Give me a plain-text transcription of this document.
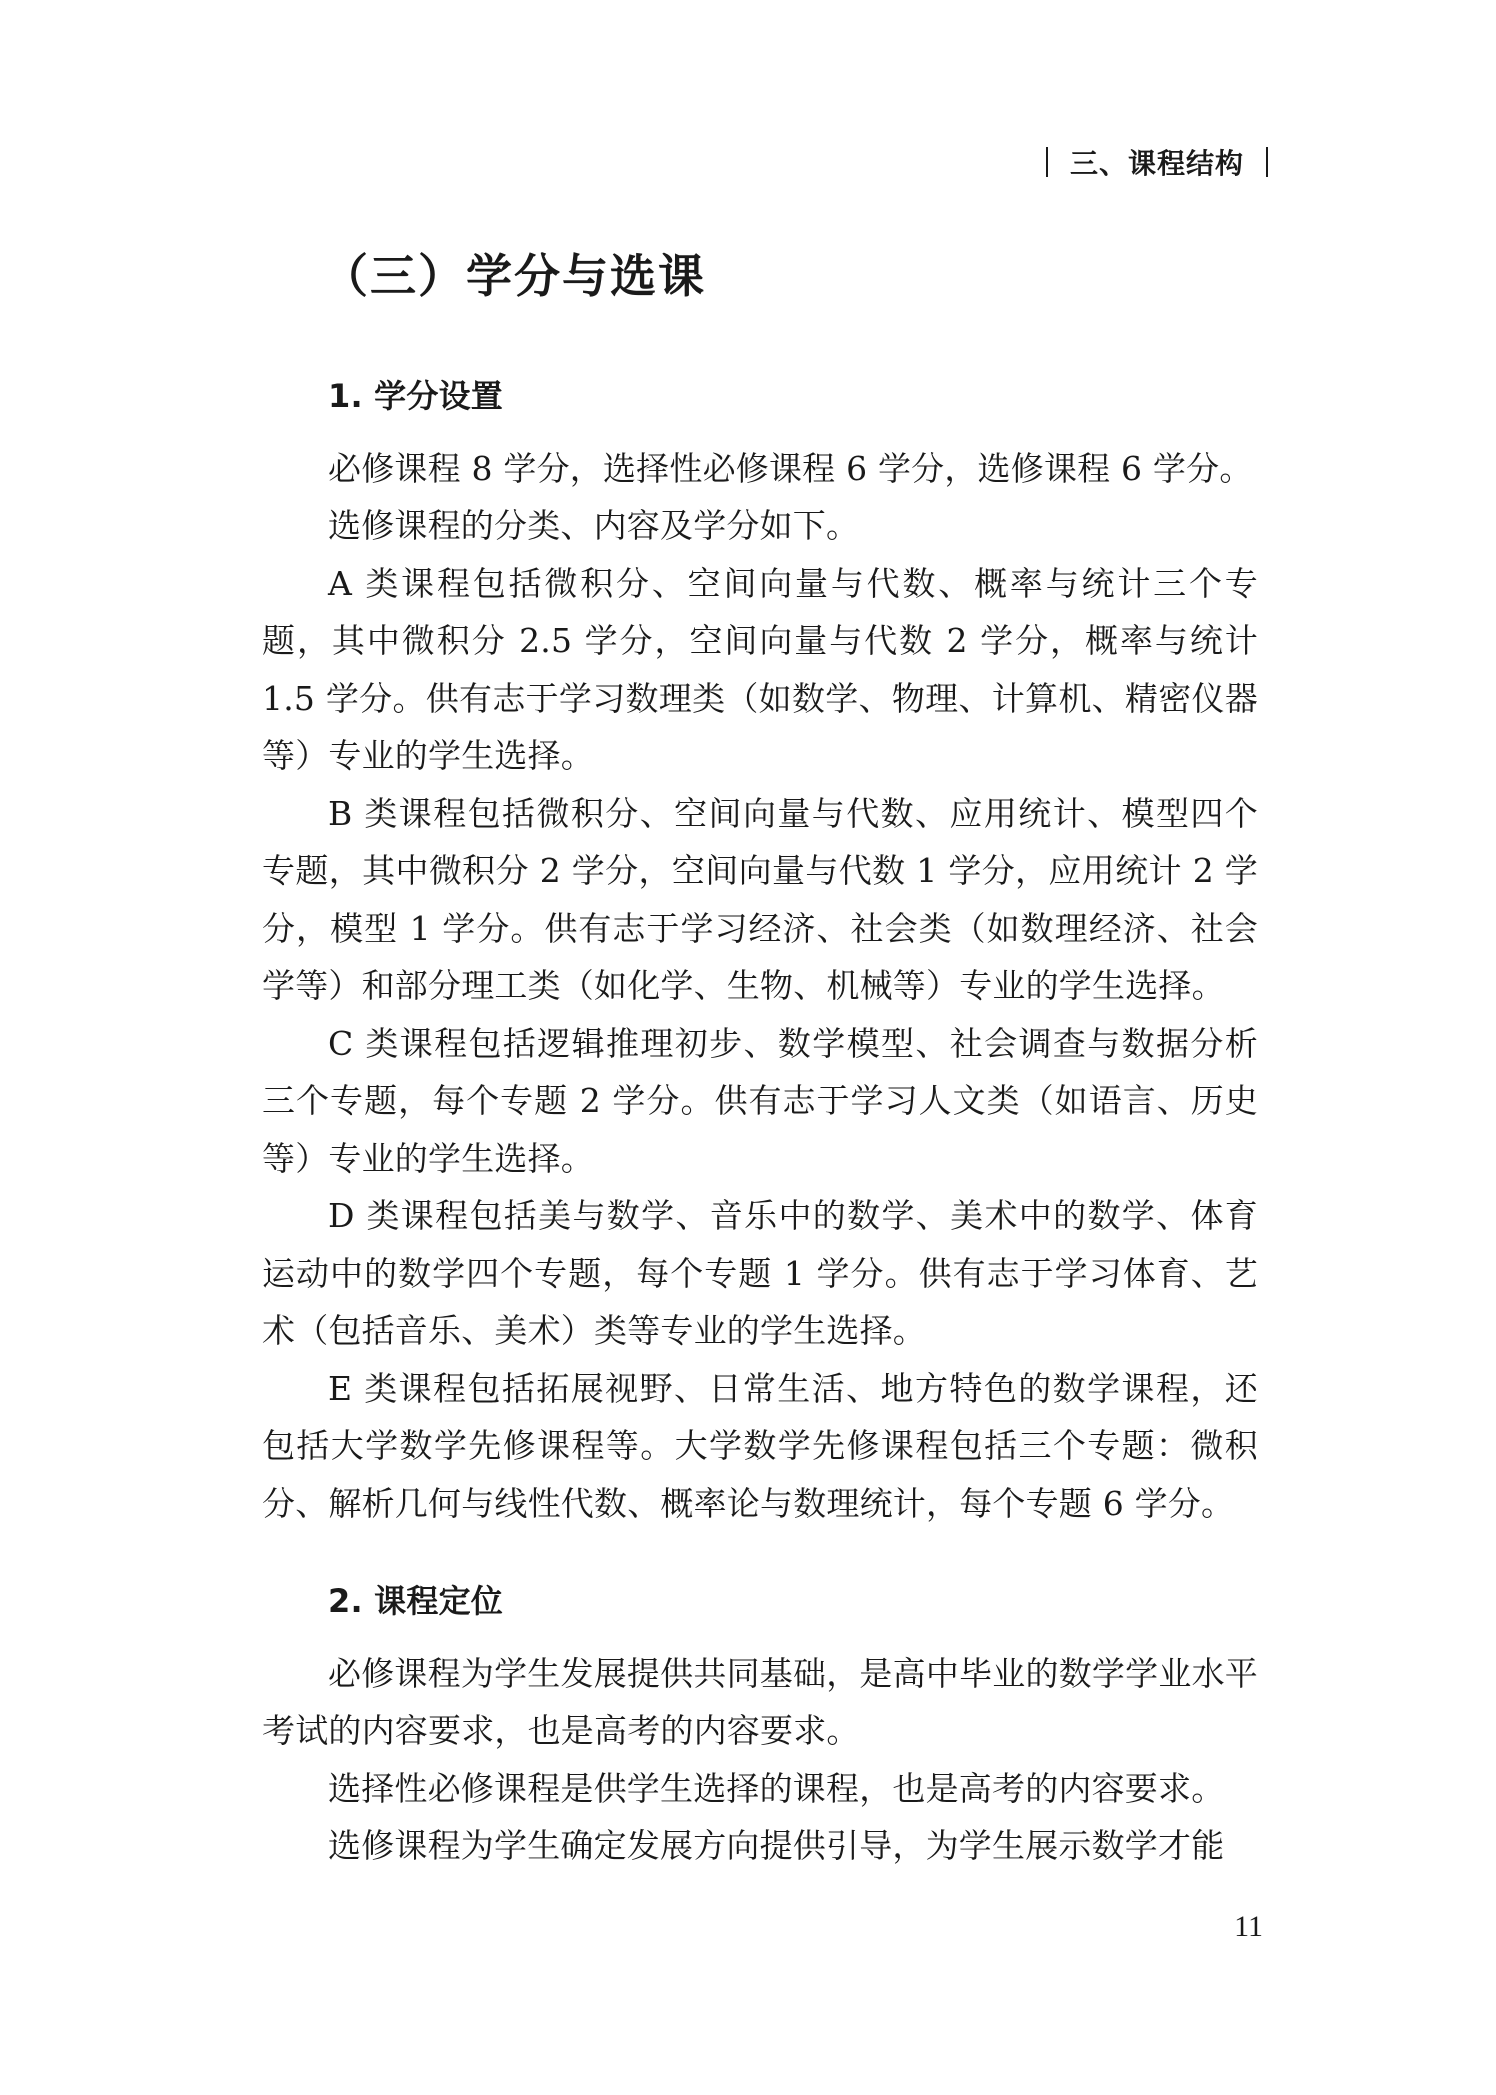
三、课程结构
（三）学分与选课
1. 学分设置

必修课程 8 学分，选择性必修课程 6 学分，选修课程 6 学分。

选修课程的分类、内容及学分如下。

A 类课程包括微积分、空间向量与代数、概率与统计三个专题，其中微积分 2.5 学分，空间向量与代数 2 学分，概率与统计 1.5 学分。供有志于学习数理类（如数学、物理、计算机、精密仪器等）专业的学生选择。

B 类课程包括微积分、空间向量与代数、应用统计、模型四个专题，其中微积分 2 学分，空间向量与代数 1 学分，应用统计 2 学分，模型 1 学分。供有志于学习经济、社会类（如数理经济、社会学等）和部分理工类（如化学、生物、机械等）专业的学生选择。

C 类课程包括逻辑推理初步、数学模型、社会调查与数据分析三个专题，每个专题 2 学分。供有志于学习人文类（如语言、历史等）专业的学生选择。

D 类课程包括美与数学、音乐中的数学、美术中的数学、体育运动中的数学四个专题，每个专题 1 学分。供有志于学习体育、艺术（包括音乐、美术）类等专业的学生选择。

E 类课程包括拓展视野、日常生活、地方特色的数学课程，还包括大学数学先修课程等。大学数学先修课程包括三个专题：微积分、解析几何与线性代数、概率论与数理统计，每个专题 6 学分。

2. 课程定位

必修课程为学生发展提供共同基础，是高中毕业的数学学业水平考试的内容要求，也是高考的内容要求。

选择性必修课程是供学生选择的课程，也是高考的内容要求。

选修课程为学生确定发展方向提供引导，为学生展示数学才能

11
